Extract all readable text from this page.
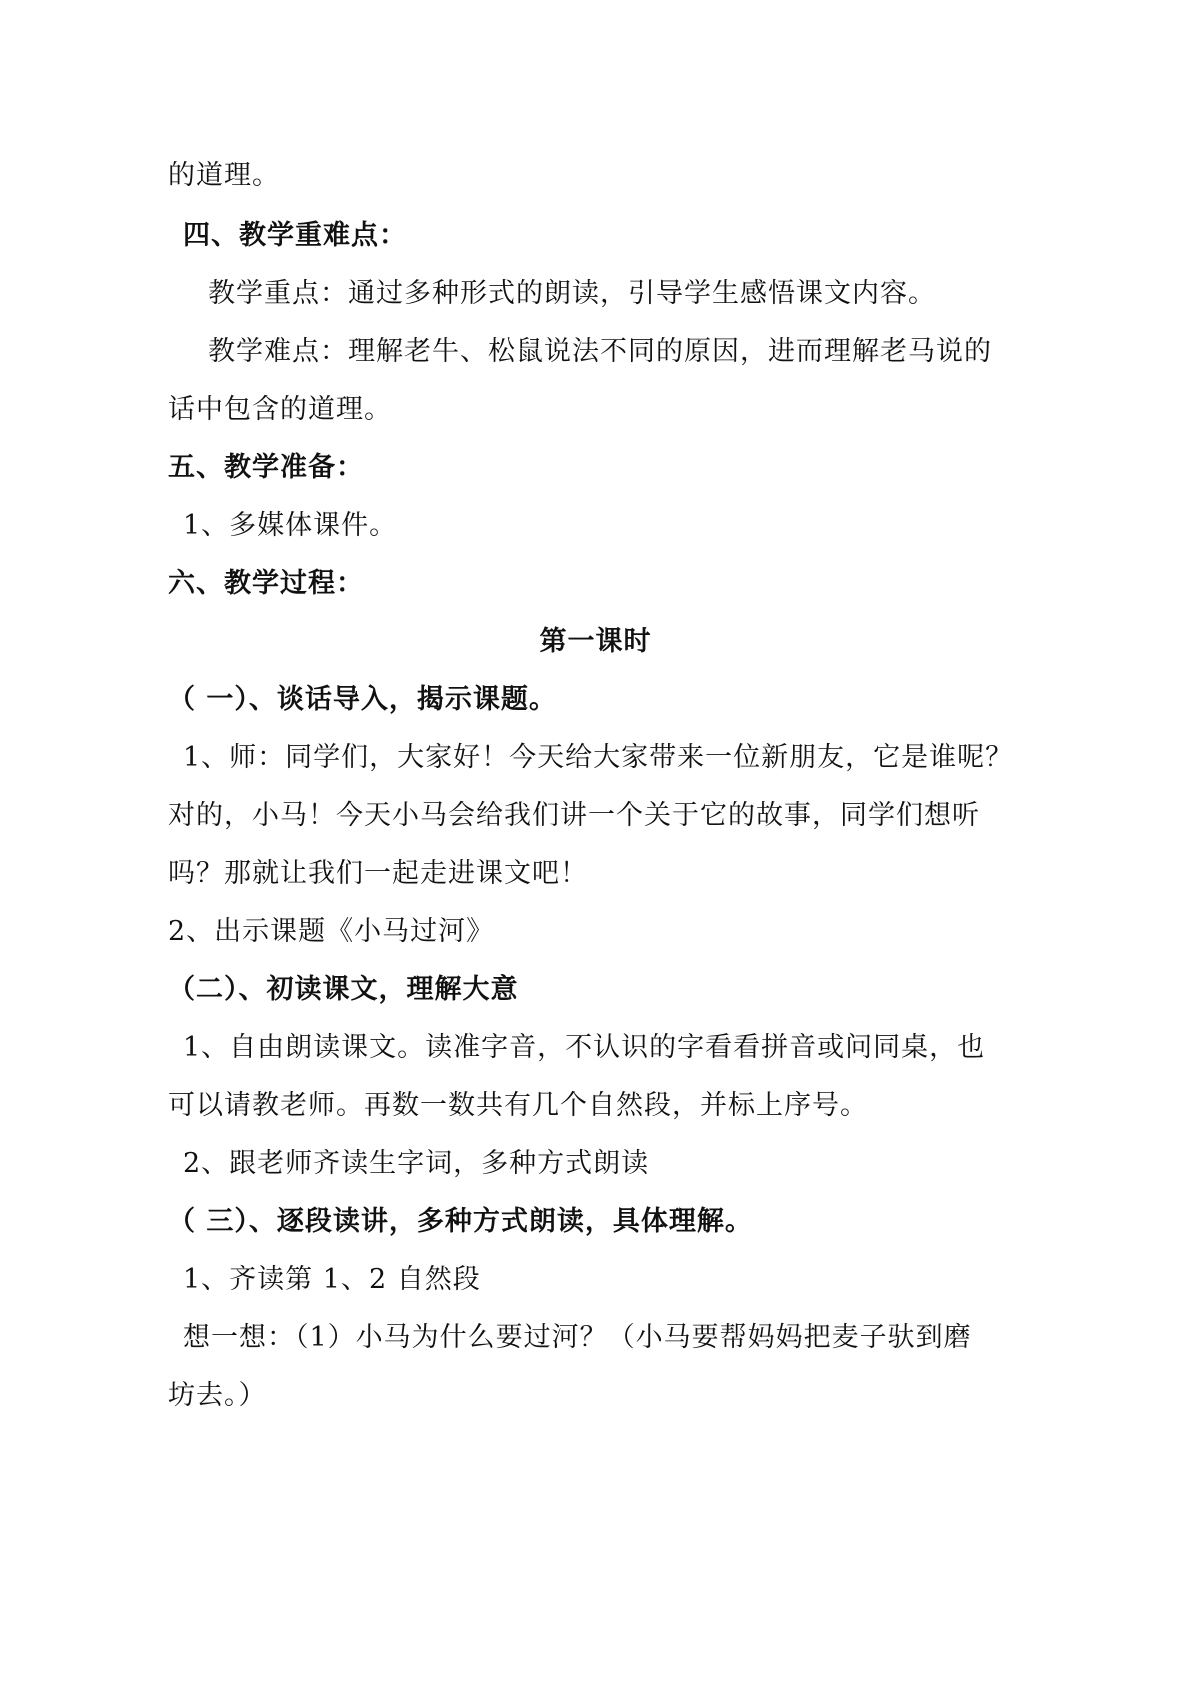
的道理。

四、教学重难点：

教学重点：通过多种形式的朗读，引导学生感悟课文内容。

教学难点：理解老牛、松鼠说法不同的原因，进而理解老马说的

话中包含的道理。

五、教学准备：

1、多媒体课件。

六、教学过程：

第一课时

（ 一）、谈话导入，揭示课题。

1、师：同学们，大家好！今天给大家带来一位新朋友，它是谁呢？

对的，小马！今天小马会给我们讲一个关于它的故事，同学们想听

吗？那就让我们一起走进课文吧！

2、出示课题《小马过河》

（二）、初读课文，理解大意

1、自由朗读课文。读准字音，不认识的字看看拼音或问同桌，也

可以请教老师。再数一数共有几个自然段，并标上序号。

2、跟老师齐读生字词，多种方式朗读

（ 三）、逐段读讲，多种方式朗读，具体理解。

1、齐读第 1、2 自然段

想一想：（1）小马为什么要过河？（小马要帮妈妈把麦子驮到磨

坊去。）
